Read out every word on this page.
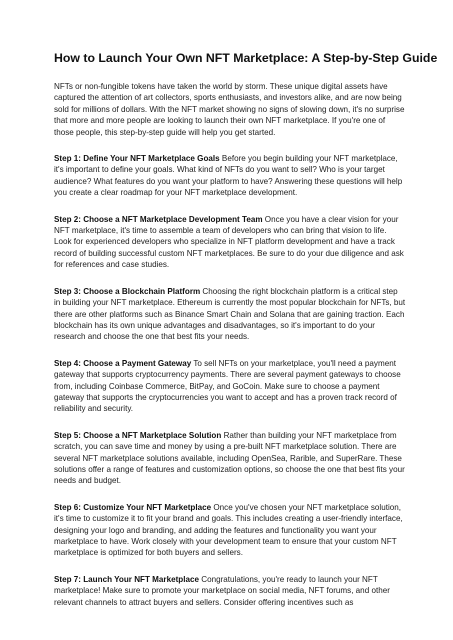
How to Launch Your Own NFT Marketplace: A Step-by-Step Guide

NFTs or non-fungible tokens have taken the world by storm. These unique digital assets have captured the attention of art collectors, sports enthusiasts, and investors alike, and are now being sold for millions of dollars. With the NFT market showing no signs of slowing down, it's no surprise that more and more people are looking to launch their own NFT marketplace. If you're one of those people, this step-by-step guide will help you get started.

Step 1: Define Your NFT Marketplace Goals Before you begin building your NFT marketplace, it's important to define your goals. What kind of NFTs do you want to sell? Who is your target audience? What features do you want your platform to have? Answering these questions will help you create a clear roadmap for your NFT marketplace development.

Step 2: Choose a NFT Marketplace Development Team Once you have a clear vision for your NFT marketplace, it's time to assemble a team of developers who can bring that vision to life. Look for experienced developers who specialize in NFT platform development and have a track record of building successful custom NFT marketplaces. Be sure to do your due diligence and ask for references and case studies.

Step 3: Choose a Blockchain Platform Choosing the right blockchain platform is a critical step in building your NFT marketplace. Ethereum is currently the most popular blockchain for NFTs, but there are other platforms such as Binance Smart Chain and Solana that are gaining traction. Each blockchain has its own unique advantages and disadvantages, so it's important to do your research and choose the one that best fits your needs.

Step 4: Choose a Payment Gateway To sell NFTs on your marketplace, you'll need a payment gateway that supports cryptocurrency payments. There are several payment gateways to choose from, including Coinbase Commerce, BitPay, and GoCoin. Make sure to choose a payment gateway that supports the cryptocurrencies you want to accept and has a proven track record of reliability and security.

Step 5: Choose a NFT Marketplace Solution Rather than building your NFT marketplace from scratch, you can save time and money by using a pre-built NFT marketplace solution. There are several NFT marketplace solutions available, including OpenSea, Rarible, and SuperRare. These solutions offer a range of features and customization options, so choose the one that best fits your needs and budget.

Step 6: Customize Your NFT Marketplace Once you've chosen your NFT marketplace solution, it's time to customize it to fit your brand and goals. This includes creating a user-friendly interface, designing your logo and branding, and adding the features and functionality you want your marketplace to have. Work closely with your development team to ensure that your custom NFT marketplace is optimized for both buyers and sellers.

Step 7: Launch Your NFT Marketplace Congratulations, you're ready to launch your NFT marketplace! Make sure to promote your marketplace on social media, NFT forums, and other relevant channels to attract buyers and sellers. Consider offering incentives such as
